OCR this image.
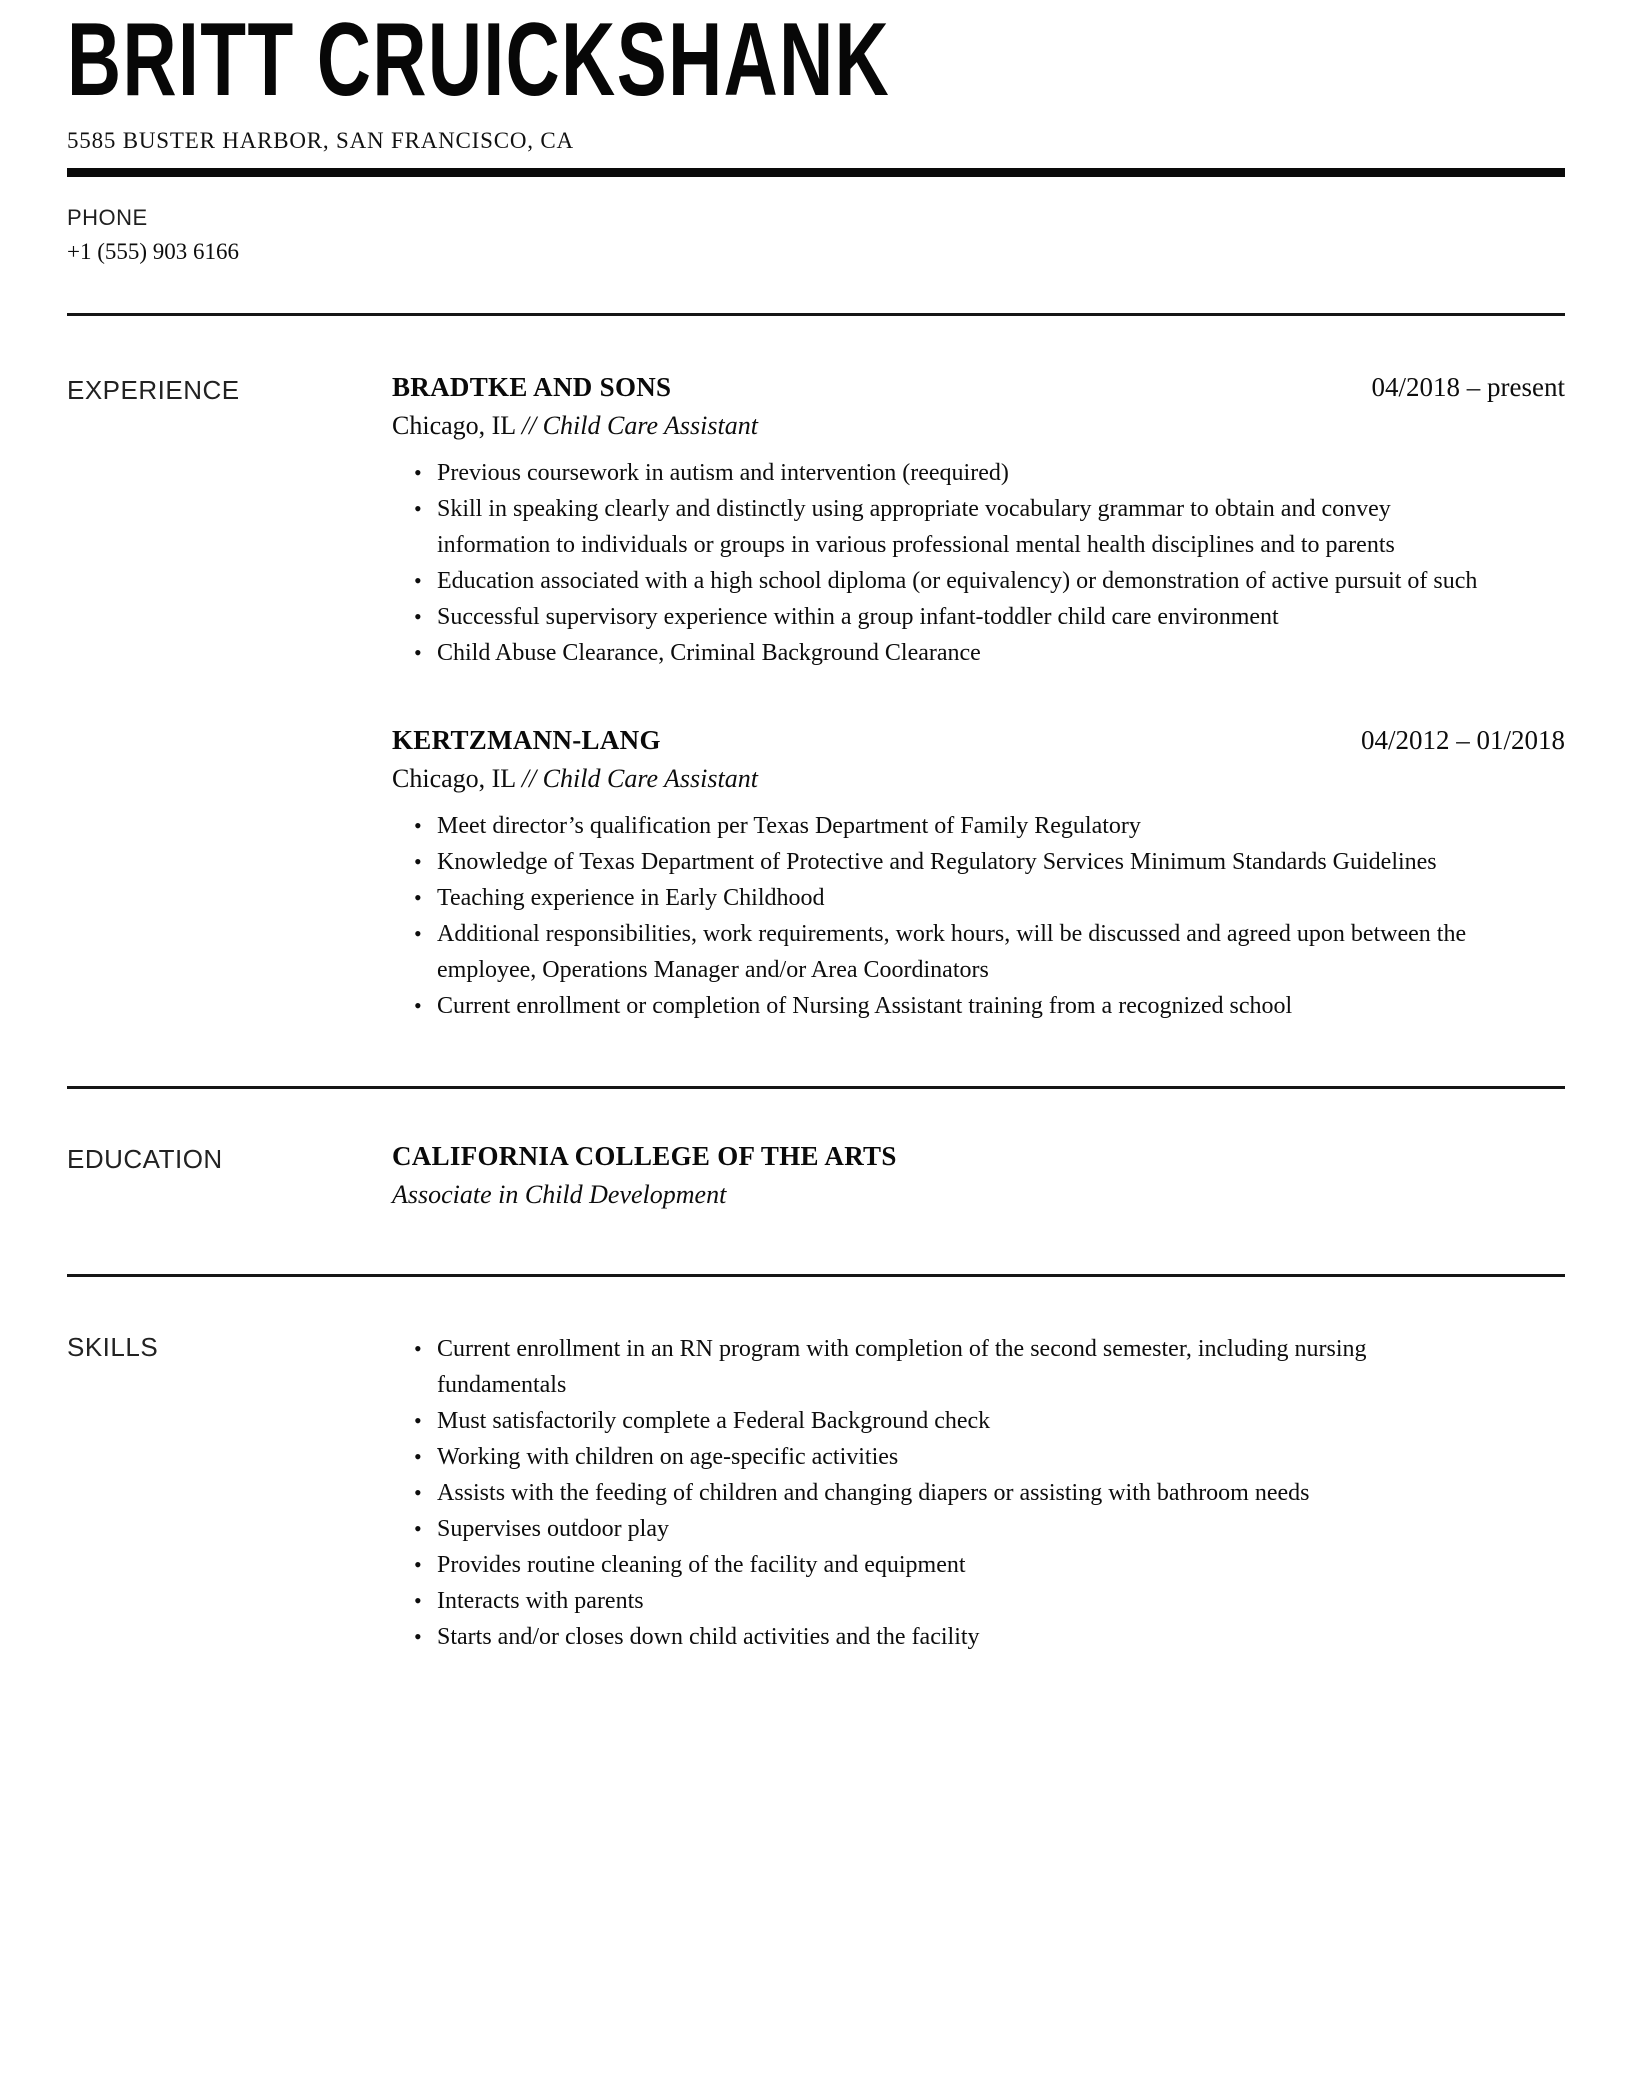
BRITT CRUICKSHANK
5585 BUSTER HARBOR, SAN FRANCISCO, CA
PHONE
+1 (555) 903 6166
EXPERIENCE	BRADTKE AND SONS	04/2018 – present
Chicago, IL // Child Care Assistant
• Previous coursework in autism and intervention (reequired)
• Skill in speaking clearly and distinctly using appropriate vocabulary grammar to obtain and convey information to individuals or groups in various professional mental health disciplines and to parents
• Education associated with a high school diploma (or equivalency) or demonstration of active pursuit of such
• Successful supervisory experience within a group infant-toddler child care environment
• Child Abuse Clearance, Criminal Background Clearance
KERTZMANN-LANG	04/2012 – 01/2018
Chicago, IL // Child Care Assistant
• Meet director’s qualification per Texas Department of Family Regulatory
• Knowledge of Texas Department of Protective and Regulatory Services Minimum Standards Guidelines
• Teaching experience in Early Childhood
• Additional responsibilities, work requirements, work hours, will be discussed and agreed upon between the employee, Operations Manager and/or Area Coordinators
• Current enrollment or completion of Nursing Assistant training from a recognized school
EDUCATION	CALIFORNIA COLLEGE OF THE ARTS
Associate in Child Development
SKILLS	• Current enrollment in an RN program with completion of the second semester, including nursing fundamentals
• Must satisfactorily complete a Federal Background check
• Working with children on age-specific activities
• Assists with the feeding of children and changing diapers or assisting with bathroom needs
• Supervises outdoor play
• Provides routine cleaning of the facility and equipment
• Interacts with parents
• Starts and/or closes down child activities and the facility
